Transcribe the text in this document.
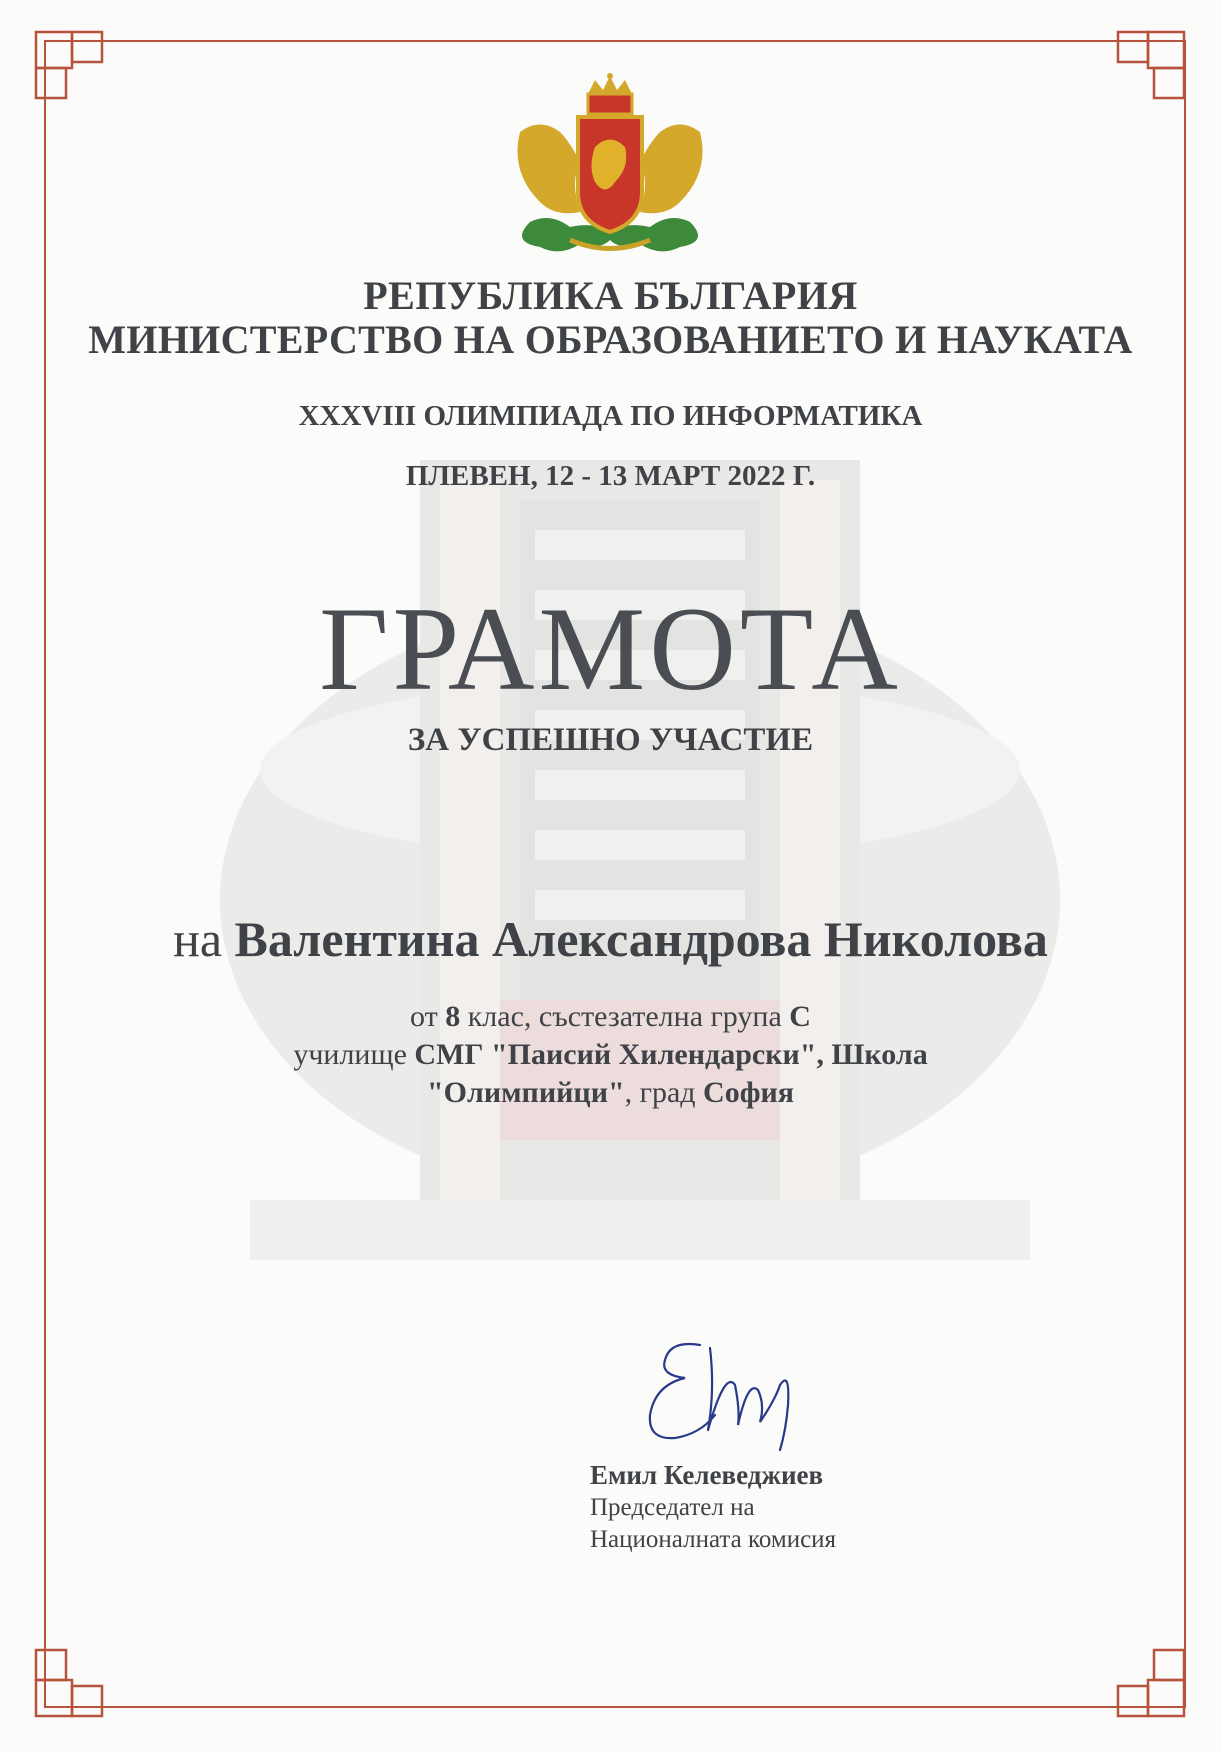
РЕПУБЛИКА БЪЛГАРИЯ
МИНИСТЕРСТВО НА ОБРАЗОВАНИЕТО И НАУКАТА
XXXVIII ОЛИМПИАДА ПО ИНФОРМАТИКА
ПЛЕВЕН, 12 - 13 МАРТ 2022 Г.
ГРАМОТА
ЗА УСПЕШНО УЧАСТИЕ
на Валентина Александрова Николова
от 8 клас, състезателна група C
училище СМГ "Паисий Хилендарски", Школа
"Олимпийци", град София
Емил Келеведжиев
Председател на
Националната комисия
